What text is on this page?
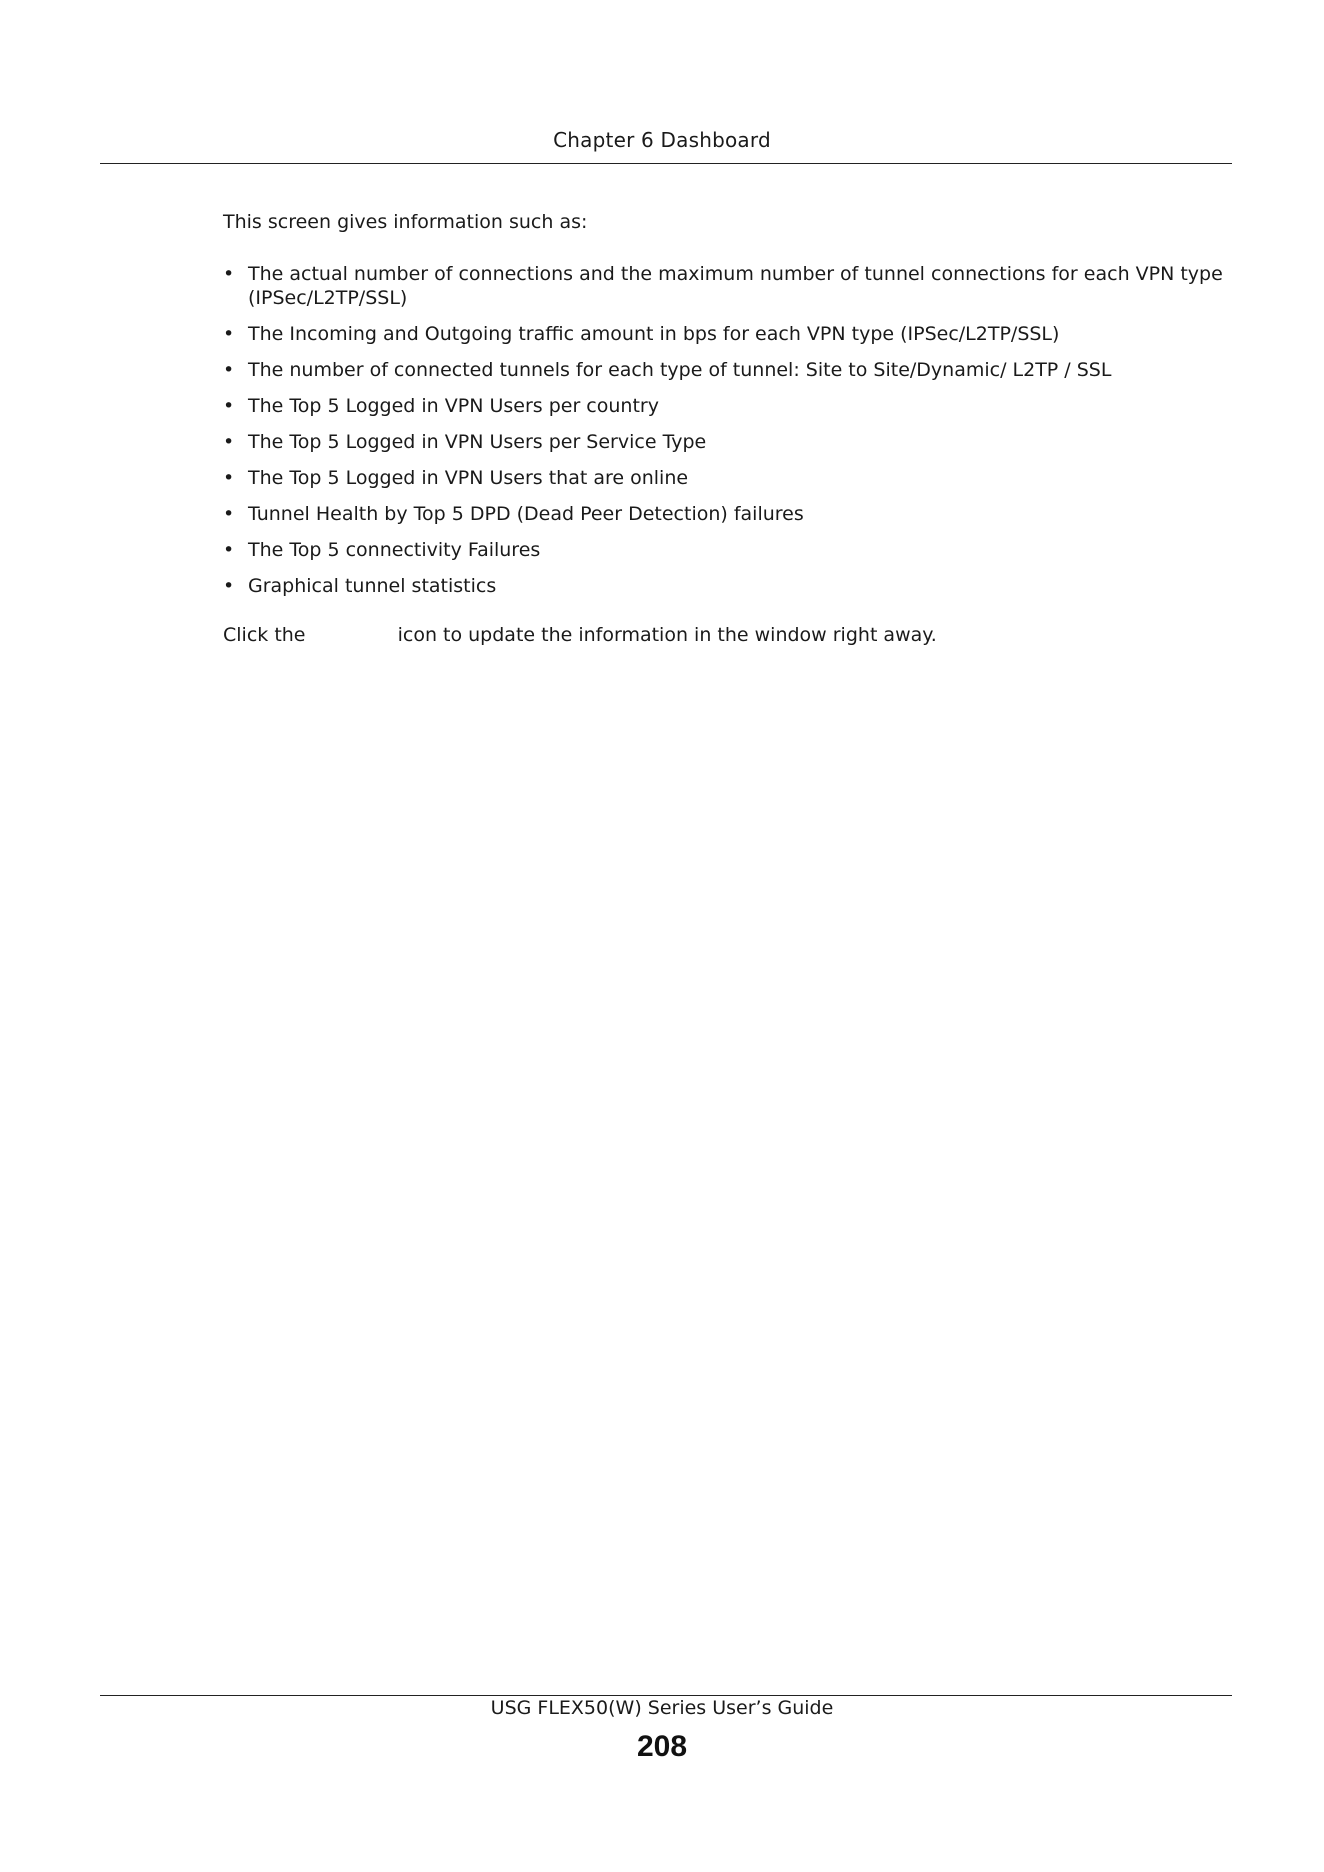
Chapter 6 Dashboard

This screen gives information such as:

• The actual number of connections and the maximum number of tunnel connections for each VPN type (IPSec/L2TP/SSL)
• The Incoming and Outgoing traffic amount in bps for each VPN type (IPSec/L2TP/SSL)
• The number of connected tunnels for each type of tunnel: Site to Site/Dynamic/ L2TP / SSL
• The Top 5 Logged in VPN Users per country
• The Top 5 Logged in VPN Users per Service Type
• The Top 5 Logged in VPN Users that are online
• Tunnel Health by Top 5 DPD (Dead Peer Detection) failures
• The Top 5 connectivity Failures
• Graphical tunnel statistics

Click the	icon to update the information in the window right away.

USG FLEX50(W) Series User’s Guide
208
